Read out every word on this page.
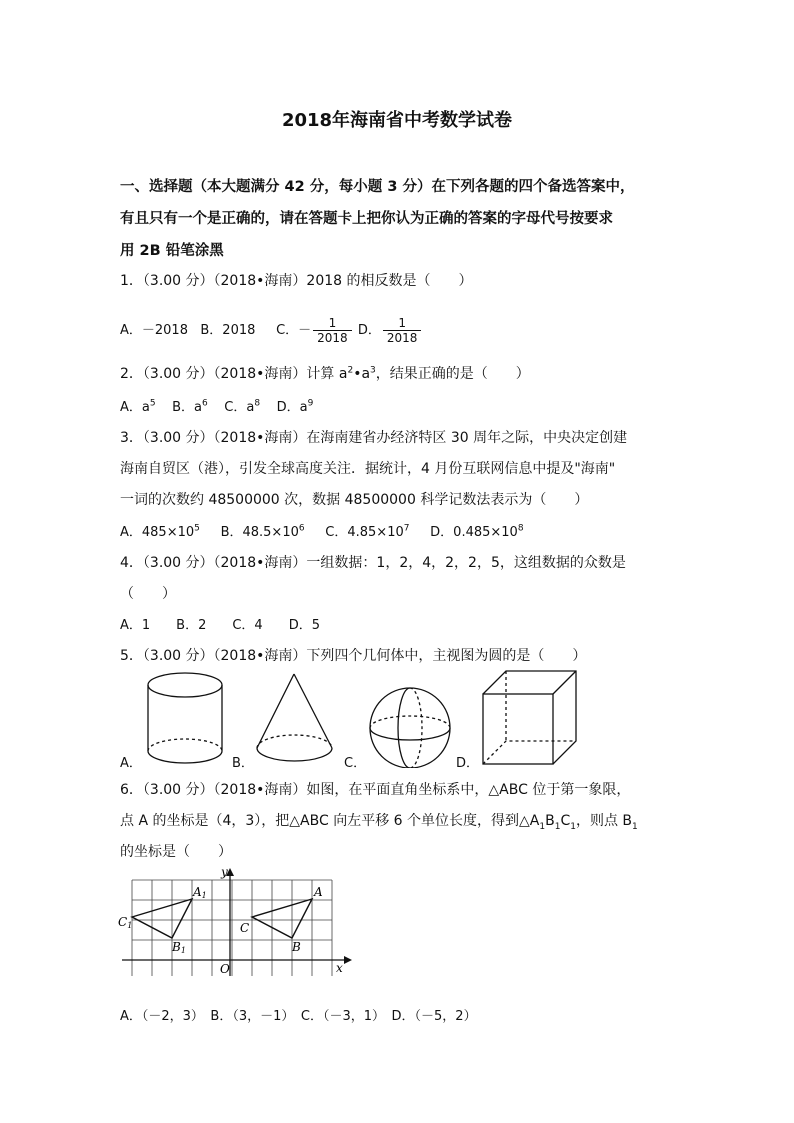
2018年海南省中考数学试卷
一、选择题（本大题满分 42 分，每小题 3 分）在下列各题的四个备选答案中，
有且只有一个是正确的，请在答题卡上把你认为正确的答案的字母代号按要求
用 2B 铅笔涂黑
1．（3.00 分）（2018•海南）2018 的相反数是（　　）
A．－2018 B．2018 C．－ $\frac{1}{2018}$ D． $\frac{1}{2018}$
2．（3.00 分）（2018•海南）计算 $a^2•a^3$，结果正确的是（　　）
A．$a^5$ B．$a^6$ C．$a^8$ D．$a^9$
3．（3.00 分）（2018•海南）在海南建省办经济特区 30 周年之际，中央决定创建
海南自贸区（港），引发全球高度关注．据统计，4 月份互联网信息中提及"海南"
一词的次数约 48500000 次，数据 48500000 科学记数法表示为（　　）
A．$485\times 10^5$ B．$48.5\times 10^6$ C．$4.85\times 10^7$ D．$0.485\times 10^8$
4．（3.00 分）（2018•海南）一组数据：1，2，4，2，2，5，这组数据的众数是
（　　）
A．1　　B．2　　C．4　　D．5
5．（3.00 分）（2018•海南）下列四个几何体中，主视图为圆的是（　　）
A．	B．	C．	D．
6．（3.00 分）（2018•海南）如图，在平面直角坐标系中，△ABC 位于第一象限，
点 A 的坐标是（4，3），把△ABC 向左平移 6 个单位长度，得到$\triangle A_1B_1C_1$，则点 $B_1$
的坐标是（　　）
A1	A
C1	C
B1	B
O	x
y
A．（－2，3）　B．（3，－1）　C．（－3，1）　D．（－5，2）
